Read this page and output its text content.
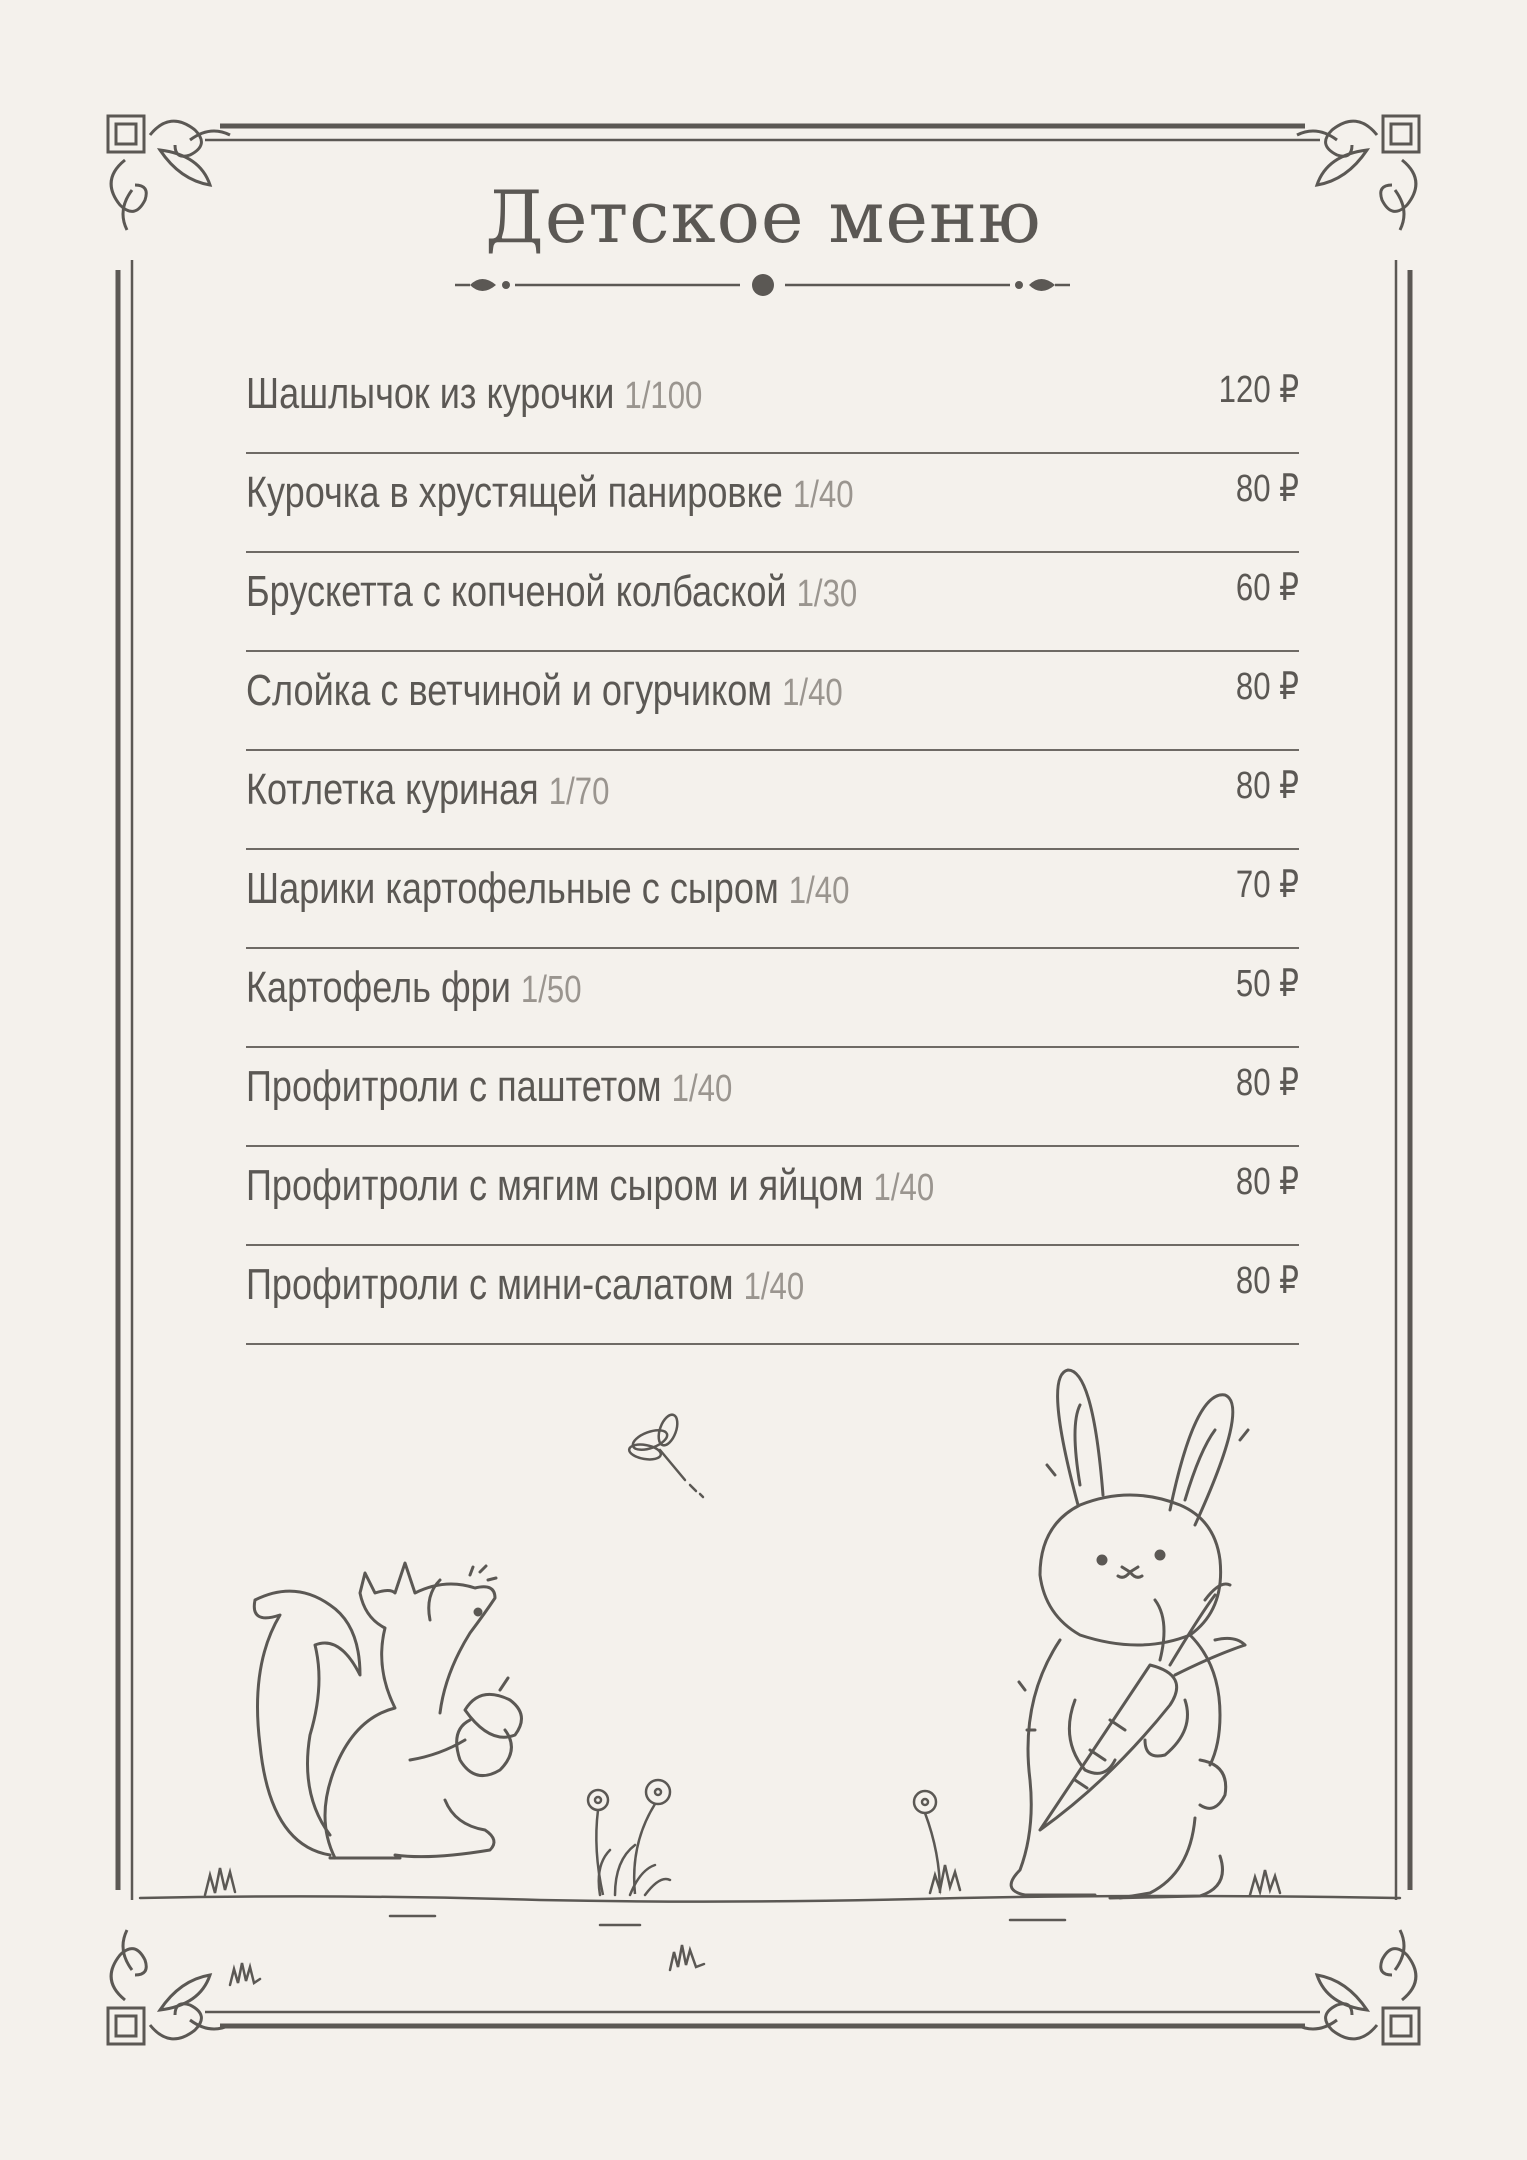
Детское меню
Шашлычок из курочки 1/100	120 ₽
Курочка в хрустящей панировке 1/40	80 ₽
Брускетта с копченой колбаской 1/30	60 ₽
Слойка с ветчиной и огурчиком 1/40	80 ₽
Котлетка куриная 1/70	80 ₽
Шарики картофельные с сыром 1/40	70 ₽
Картофель фри 1/50	50 ₽
Профитроли с паштетом 1/40	80 ₽
Профитроли с мягим сыром и яйцом 1/40	80 ₽
Профитроли с мини-салатом 1/40	80 ₽
